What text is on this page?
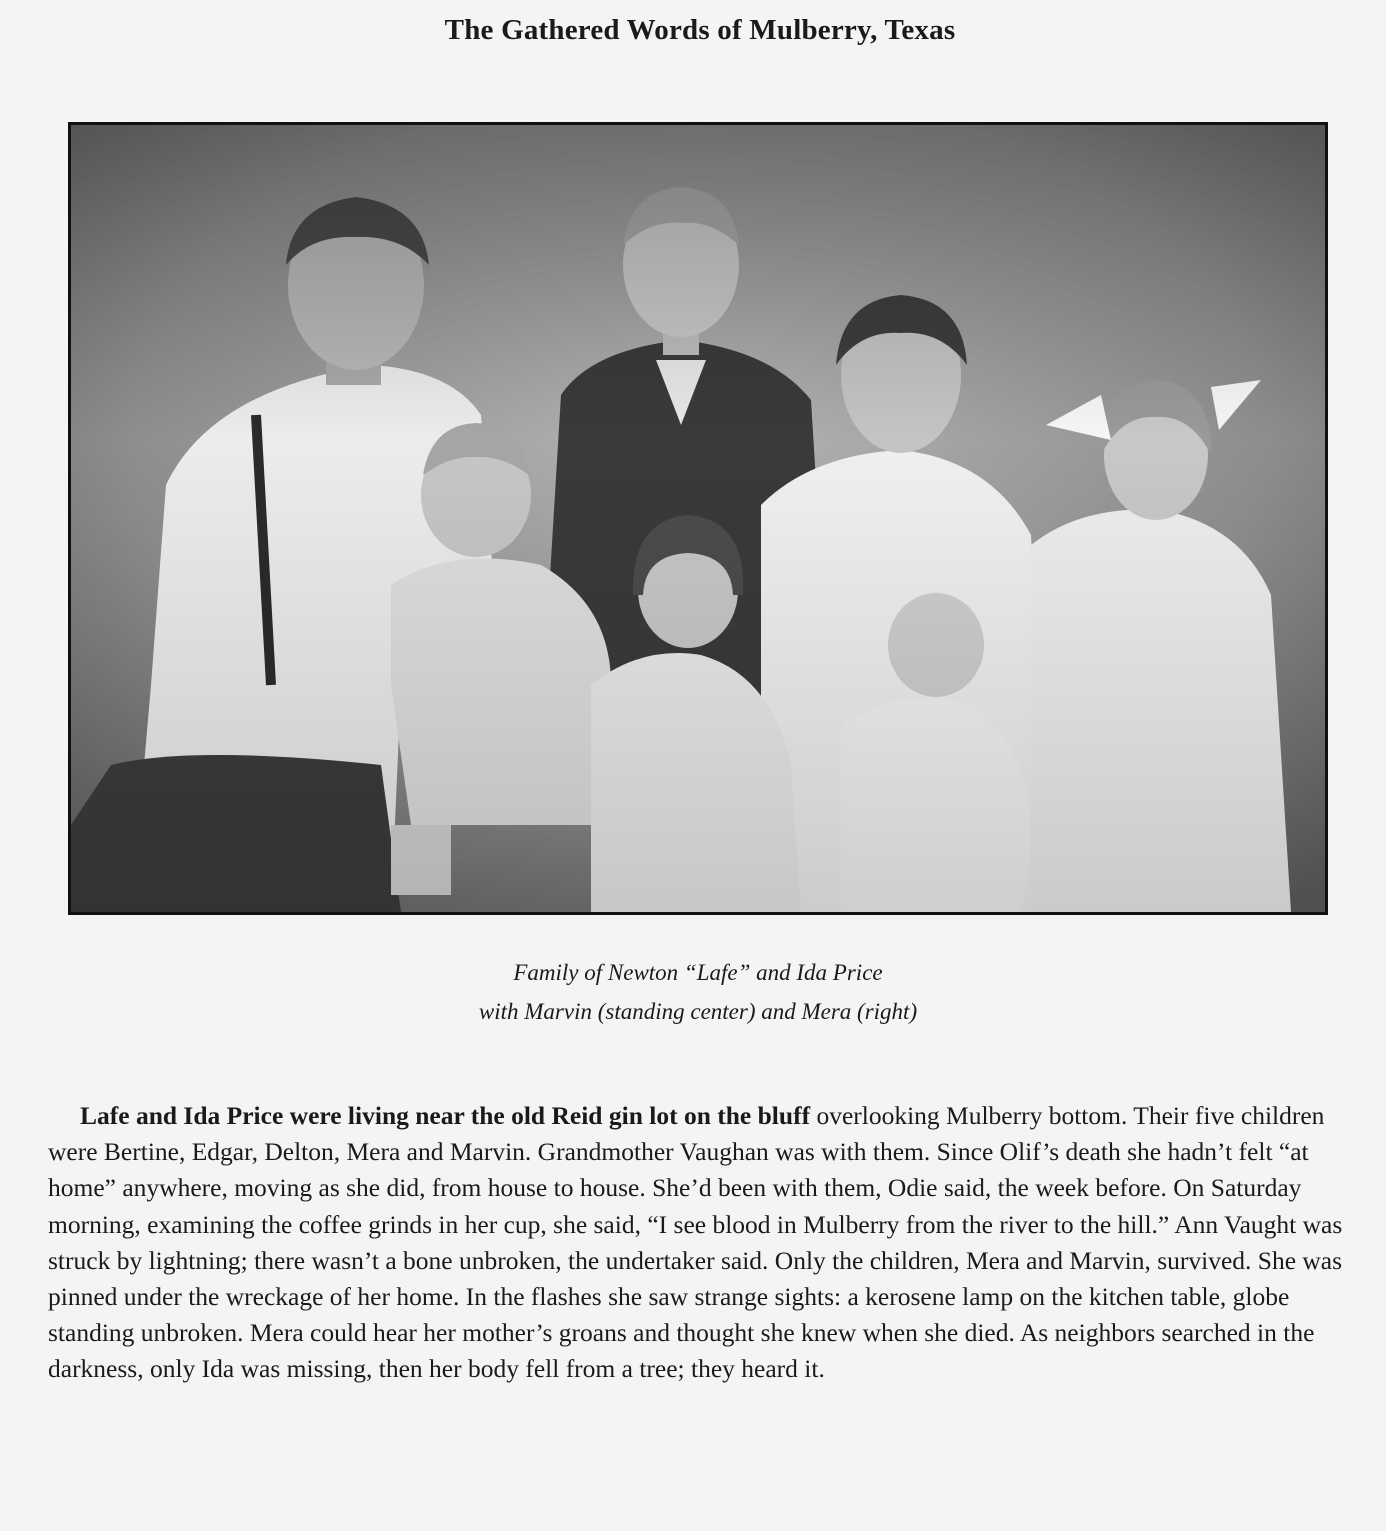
The Gathered Words of Mulberry, Texas
Family of Newton “Lafe” and Ida Price
with Marvin (standing center) and Mera (right)

Lafe and Ida Price were living near the old Reid gin lot on the bluff overlooking Mulberry bottom. Their five children were Bertine, Edgar, Delton, Mera and Marvin. Grandmother Vaughan was with them. Since Olif’s death she hadn’t felt “at home” anywhere, moving as she did, from house to house. She’d been with them, Odie said, the week before. On Saturday morning, examining the coffee grinds in her cup, she said, “I see blood in Mulberry from the river to the hill.” Ann Vaught was struck by lightning; there wasn’t a bone unbroken, the undertaker said. Only the children, Mera and Marvin, survived. She was pinned under the wreckage of her home. In the flashes she saw strange sights: a kerosene lamp on the kitchen table, globe standing unbroken. Mera could hear her mother’s groans and thought she knew when she died. As neighbors searched in the darkness, only Ida was missing, then her body fell from a tree; they heard it.
